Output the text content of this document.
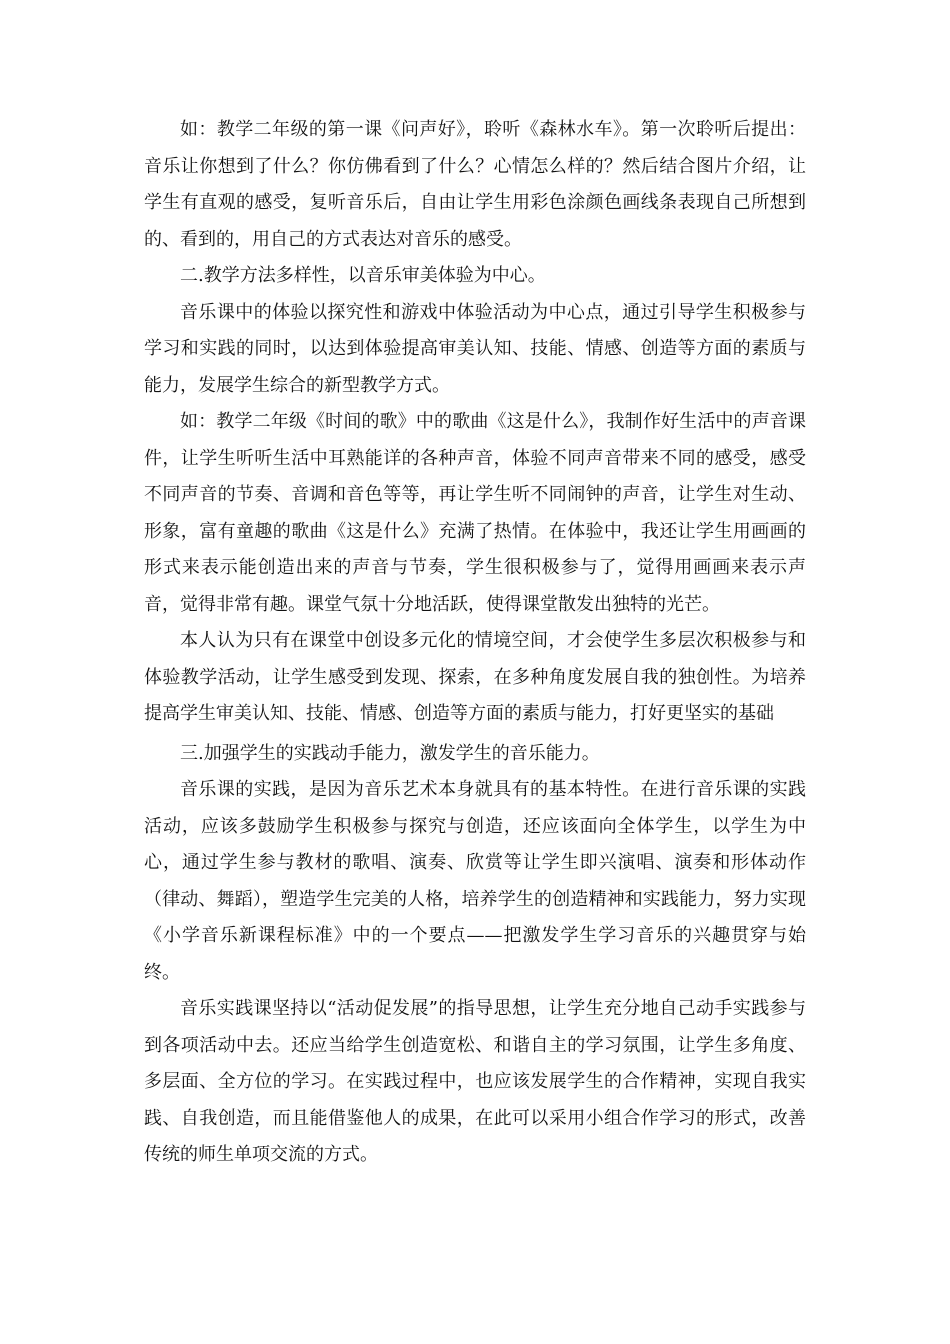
如：教学二年级的第一课《问声好》，聆听《森林水车》。第一次聆听后提出：音乐让你想到了什么？你仿佛看到了什么？心情怎么样的？然后结合图片介绍，让学生有直观的感受，复听音乐后，自由让学生用彩色涂颜色画线条表现自己所想到的、看到的，用自己的方式表达对音乐的感受。

二.教学方法多样性，以音乐审美体验为中心。

音乐课中的体验以探究性和游戏中体验活动为中心点，通过引导学生积极参与学习和实践的同时，以达到体验提高审美认知、技能、情感、创造等方面的素质与能力，发展学生综合的新型教学方式。

如：教学二年级《时间的歌》中的歌曲《这是什么》，我制作好生活中的声音课件，让学生听听生活中耳熟能详的各种声音，体验不同声音带来不同的感受，感受不同声音的节奏、音调和音色等等，再让学生听不同闹钟的声音，让学生对生动、形象，富有童趣的歌曲《这是什么》充满了热情。在体验中，我还让学生用画画的形式来表示能创造出来的声音与节奏，学生很积极参与了，觉得用画画来表示声音，觉得非常有趣。课堂气氛十分地活跃，使得课堂散发出独特的光芒。

本人认为只有在课堂中创设多元化的情境空间，才会使学生多层次积极参与和体验教学活动，让学生感受到发现、探索，在多种角度发展自我的独创性。为培养提高学生审美认知、技能、情感、创造等方面的素质与能力，打好更坚实的基础

三.加强学生的实践动手能力，激发学生的音乐能力。

音乐课的实践，是因为音乐艺术本身就具有的基本特性。在进行音乐课的实践活动，应该多鼓励学生积极参与探究与创造，还应该面向全体学生，以学生为中心，通过学生参与教材的歌唱、演奏、欣赏等让学生即兴演唱、演奏和形体动作（律动、舞蹈），塑造学生完美的人格，培养学生的创造精神和实践能力，努力实现《小学音乐新课程标准》中的一个要点——把激发学生学习音乐的兴趣贯穿与始终。

音乐实践课坚持以“活动促发展”的指导思想，让学生充分地自己动手实践参与到各项活动中去。还应当给学生创造宽松、和谐自主的学习氛围，让学生多角度、多层面、全方位的学习。在实践过程中，也应该发展学生的合作精神，实现自我实践、自我创造，而且能借鉴他人的成果，在此可以采用小组合作学习的形式，改善传统的师生单项交流的方式。
